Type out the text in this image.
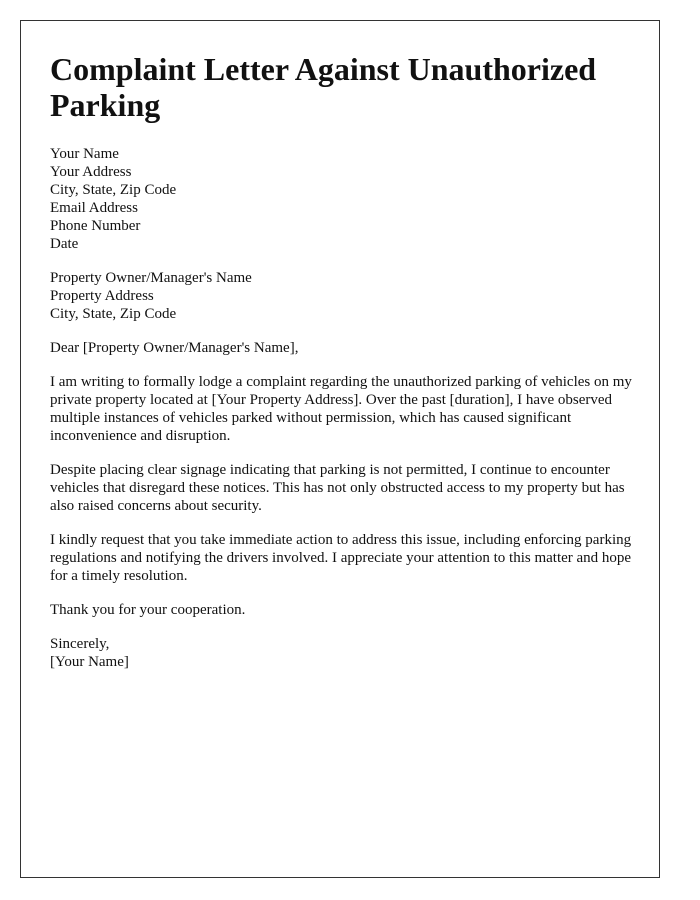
Complaint Letter Against Unauthorized Parking
Your Name
Your Address
City, State, Zip Code
Email Address
Phone Number
Date
Property Owner/Manager's Name
Property Address
City, State, Zip Code

Dear [Property Owner/Manager's Name],

I am writing to formally lodge a complaint regarding the unauthorized parking of vehicles on my private property located at [Your Property Address]. Over the past [duration], I have observed multiple instances of vehicles parked without permission, which has caused significant inconvenience and disruption.

Despite placing clear signage indicating that parking is not permitted, I continue to encounter vehicles that disregard these notices. This has not only obstructed access to my property but has also raised concerns about security.

I kindly request that you take immediate action to address this issue, including enforcing parking regulations and notifying the drivers involved. I appreciate your attention to this matter and hope for a timely resolution.

Thank you for your cooperation.

Sincerely,
[Your Name]
